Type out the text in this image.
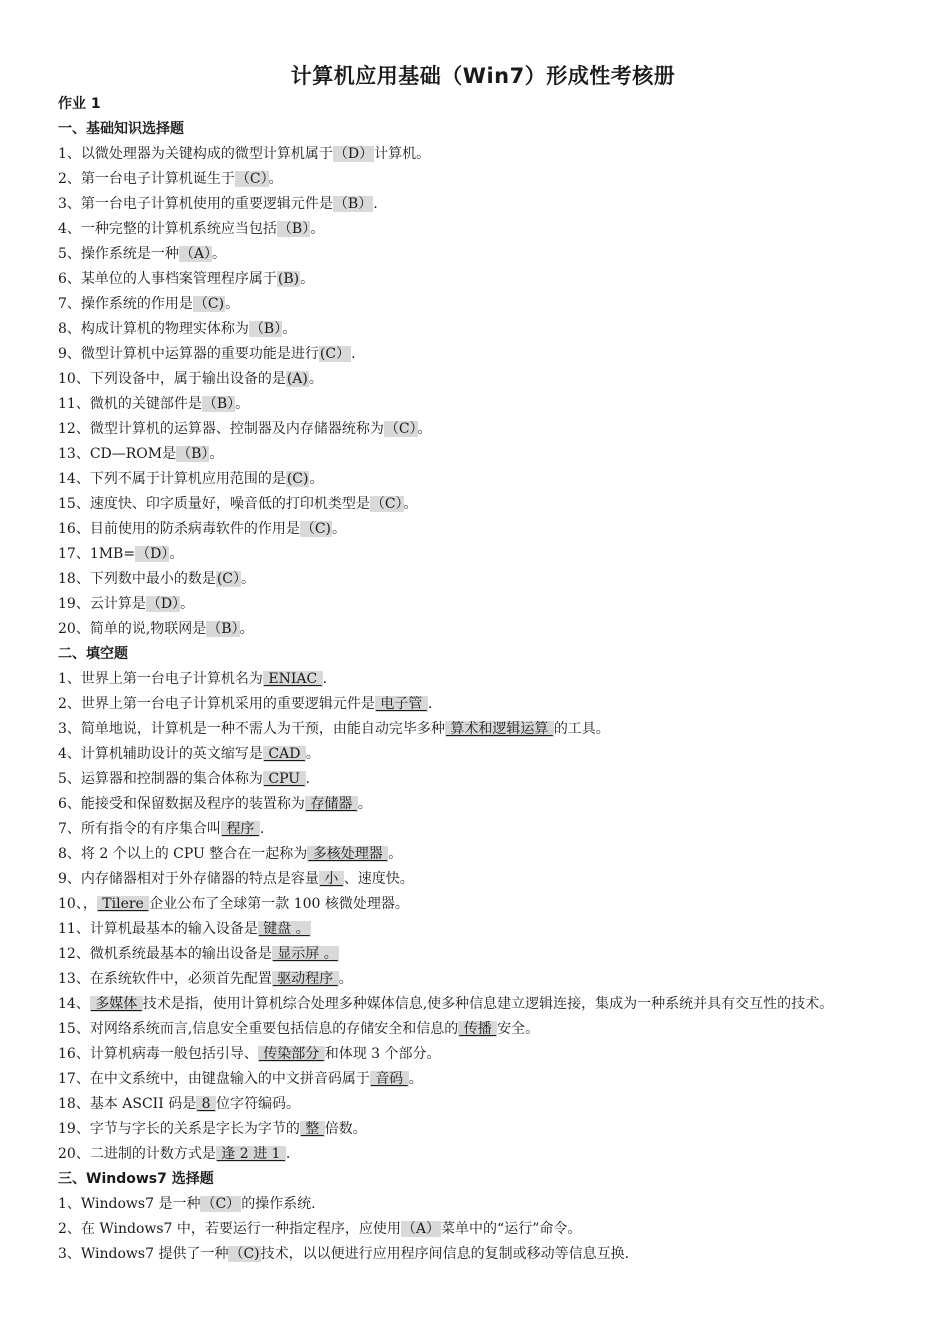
计算机应用基础（Win7）形成性考核册
作业 1
一、基础知识选择题
1、以微处理器为关键构成的微型计算机属于（D）计算机。
2、第一台电子计算机诞生于（C）。
3、第一台电子计算机使用的重要逻辑元件是（B）.
4、一种完整的计算机系统应当包括（B）。
5、操作系统是一种（A）。
6、某单位的人事档案管理程序属于(B)。
7、操作系统的作用是（C)。
8、构成计算机的物理实体称为（B）。
9、微型计算机中运算器的重要功能是进行(C）.
10、下列设备中，属于输出设备的是(A)。
11、微机的关键部件是（B）。
12、微型计算机的运算器、控制器及内存储器统称为（C）。
13、CD—ROM是（B）。
14、下列不属于计算机应用范围的是(C)。
15、速度快、印字质量好，噪音低的打印机类型是（C）。
16、目前使用的防杀病毒软件的作用是（C)。
17、1MB=（D）。
18、下列数中最小的数是(C）。
19、云计算是（D）。
20、简单的说,物联网是（B）。
二、填空题
1、世界上第一台电子计算机名为 ENIAC .
2、世界上第一台电子计算机采用的重要逻辑元件是 电子管 .
3、简单地说，计算机是一种不需人为干预，由能自动完毕多种 算术和逻辑运算 的工具。
4、计算机辅助设计的英文缩写是 CAD 。
5、运算器和控制器的集合体称为 CPU .
6、能接受和保留数据及程序的装置称为 存储器 。
7、所有指令的有序集合叫 程序 .
8、将 2 个以上的 CPU 整合在一起称为 多核处理器 。
9、内存储器相对于外存储器的特点是容量 小 、速度快。
10、， Tilere 企业公布了全球第一款 100 核微处理器。
11、计算机最基本的输入设备是 键盘 。
12、微机系统最基本的输出设备是 显示屏 。
13、在系统软件中，必须首先配置 驱动程序 。
14、 多媒体 技术是指，使用计算机综合处理多种媒体信息,使多种信息建立逻辑连接，集成为一种系统并具有交互性的技术。
15、对网络系统而言,信息安全重要包括信息的存储安全和信息的 传播 安全。
16、计算机病毒一般包括引导、 传染部分 和体现 3 个部分。
17、在中文系统中，由键盘输入的中文拼音码属于 音码 。
18、基本 ASCII 码是 8 位字符编码。
19、字节与字长的关系是字长为字节的 整 倍数。
20、二进制的计数方式是 逢 2 进 1 .
三、Windows7 选择题
1、Windows7 是一种（C）的操作系统.
2、在 Windows7 中，若要运行一种指定程序，应使用（A）菜单中的“运行”命令。
3、Windows7 提供了一种（C)技术，以以便进行应用程序间信息的复制或移动等信息互换.
